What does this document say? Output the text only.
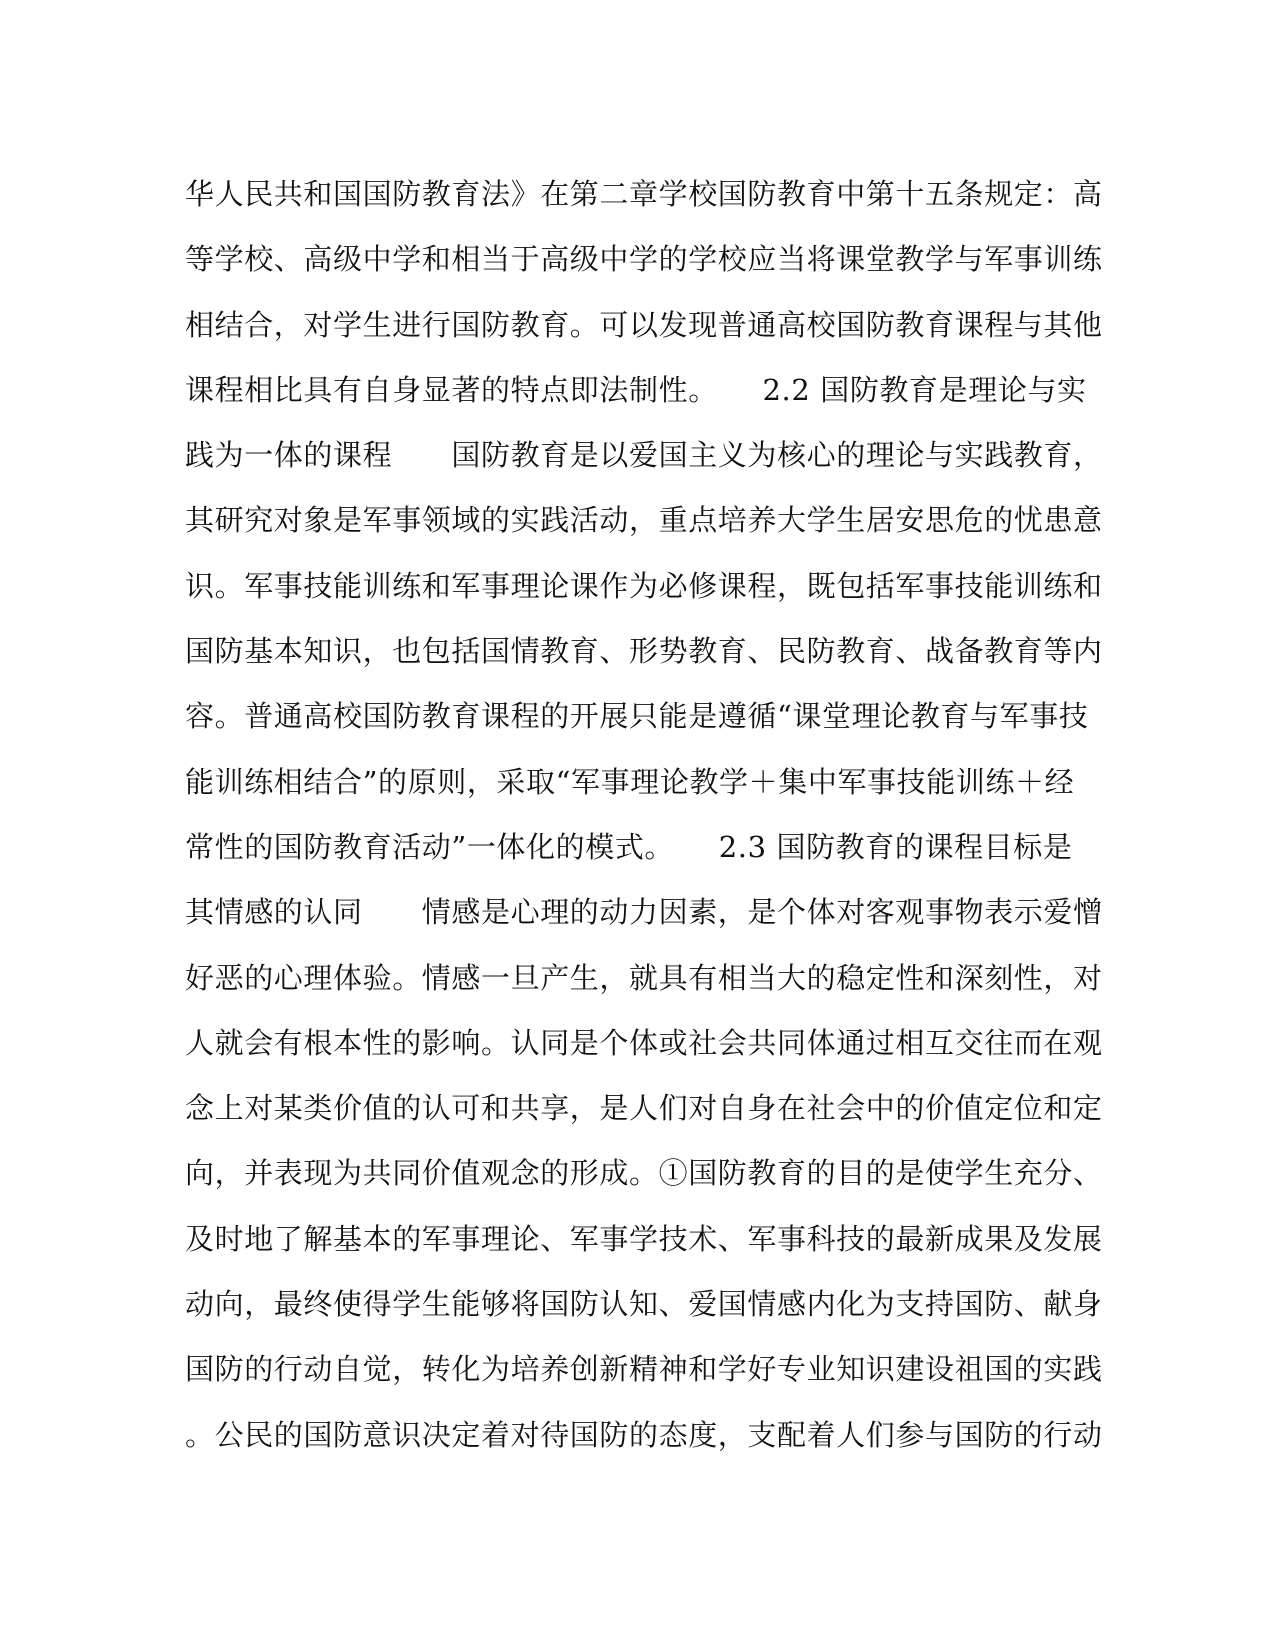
华人民共和国国防教育法》在第二章学校国防教育中第十五条规定：高
等学校、高级中学和相当于高级中学的学校应当将课堂教学与军事训练
相结合，对学生进行国防教育。可以发现普通高校国防教育课程与其他
课程相比具有自身显著的特点即法制性。　　2.2 国防教育是理论与实
践为一体的课程　　国防教育是以爱国主义为核心的理论与实践教育，
其研究对象是军事领域的实践活动，重点培养大学生居安思危的忧患意
识。军事技能训练和军事理论课作为必修课程，既包括军事技能训练和
国防基本知识，也包括国情教育、形势教育、民防教育、战备教育等内
容。普通高校国防教育课程的开展只能是遵循“课堂理论教育与军事技
能训练相结合”的原则，采取“军事理论教学＋集中军事技能训练＋经
常性的国防教育活动”一体化的模式。　　2.3 国防教育的课程目标是
其情感的认同　　情感是心理的动力因素，是个体对客观事物表示爱憎
好恶的心理体验。情感一旦产生，就具有相当大的稳定性和深刻性，对
人就会有根本性的影响。认同是个体或社会共同体通过相互交往而在观
念上对某类价值的认可和共享，是人们对自身在社会中的价值定位和定
向，并表现为共同价值观念的形成。①国防教育的目的是使学生充分、
及时地了解基本的军事理论、军事学技术、军事科技的最新成果及发展
动向，最终使得学生能够将国防认知、爱国情感内化为支持国防、献身
国防的行动自觉，转化为培养创新精神和学好专业知识建设祖国的实践
。公民的国防意识决定着对待国防的态度，支配着人们参与国防的行动
